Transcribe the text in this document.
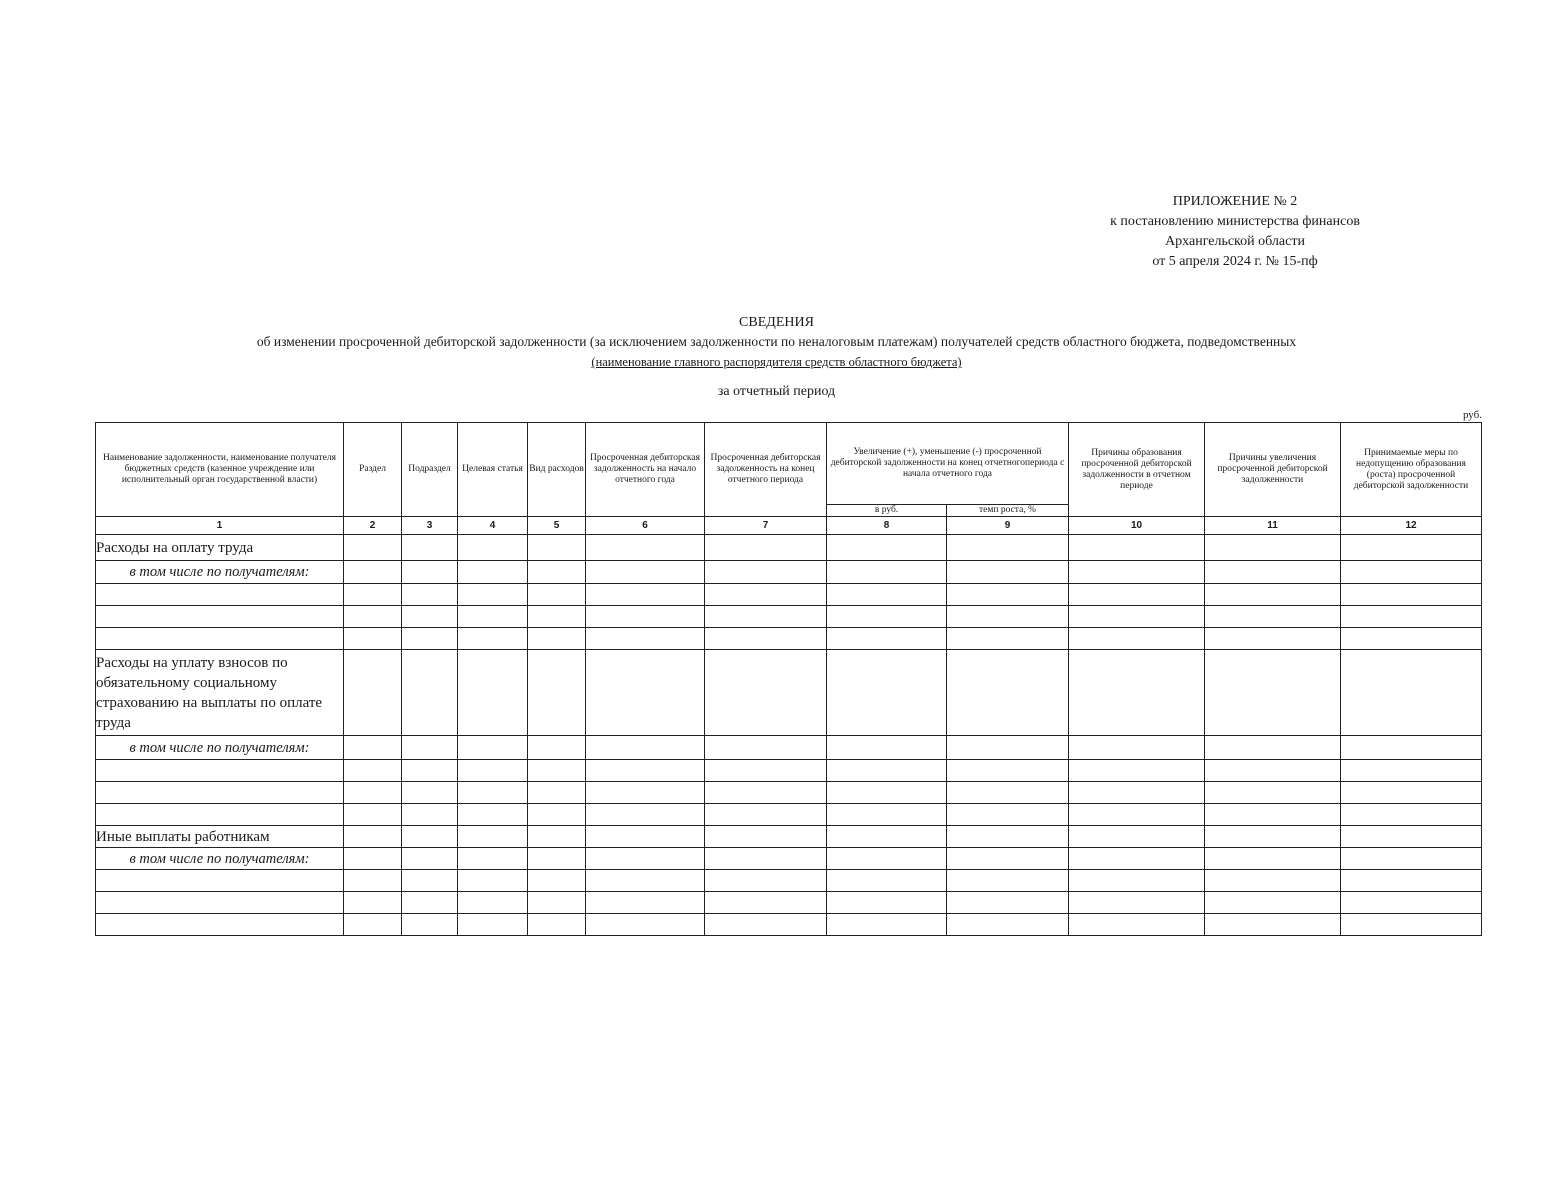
ПРИЛОЖЕНИЕ № 2
к постановлению министерства финансов
Архангельской области
от 5 апреля 2024 г. № 15-пф
СВЕДЕНИЯ
об изменении просроченной дебиторской задолженности (за исключением задолженности по неналоговым платежам) получателей средств областного бюджета, подведомственных
(наименование главного распорядителя средств областного бюджета)
за отчетный период
руб.
Наименование задолженности, наименование получателя бюджетных средств (казенное учреждение или исполнительный орган государственной власти)	Раздел	Подраздел	Целевая статья	Вид расходов	Просроченная дебиторская задолженность на начало отчетного года	Просроченная дебиторская задолженность на конец отчетного периода	Увеличение (+), уменьшение (-) просроченной дебиторской задолженности на конец отчетногопериода с начала отчетного года		Причины образования просроченной дебиторской задолженности в отчетном периоде	Причины увеличения просроченной дебиторской задолженности	Принимаемые меры по недопущению образования (роста) просроченной дебиторской задолженности
							в руб.	темп роста, %			
1	2	3	4	5	6	7	8	9	10	11	12
Расходы на оплату труда											
в том числе по получателям:											

Расходы на уплату взносов по обязательному социальному страхованию на выплаты по оплате труда											
в том числе по получателям:											

Иные выплаты работникам											
в том числе по получателям:											
